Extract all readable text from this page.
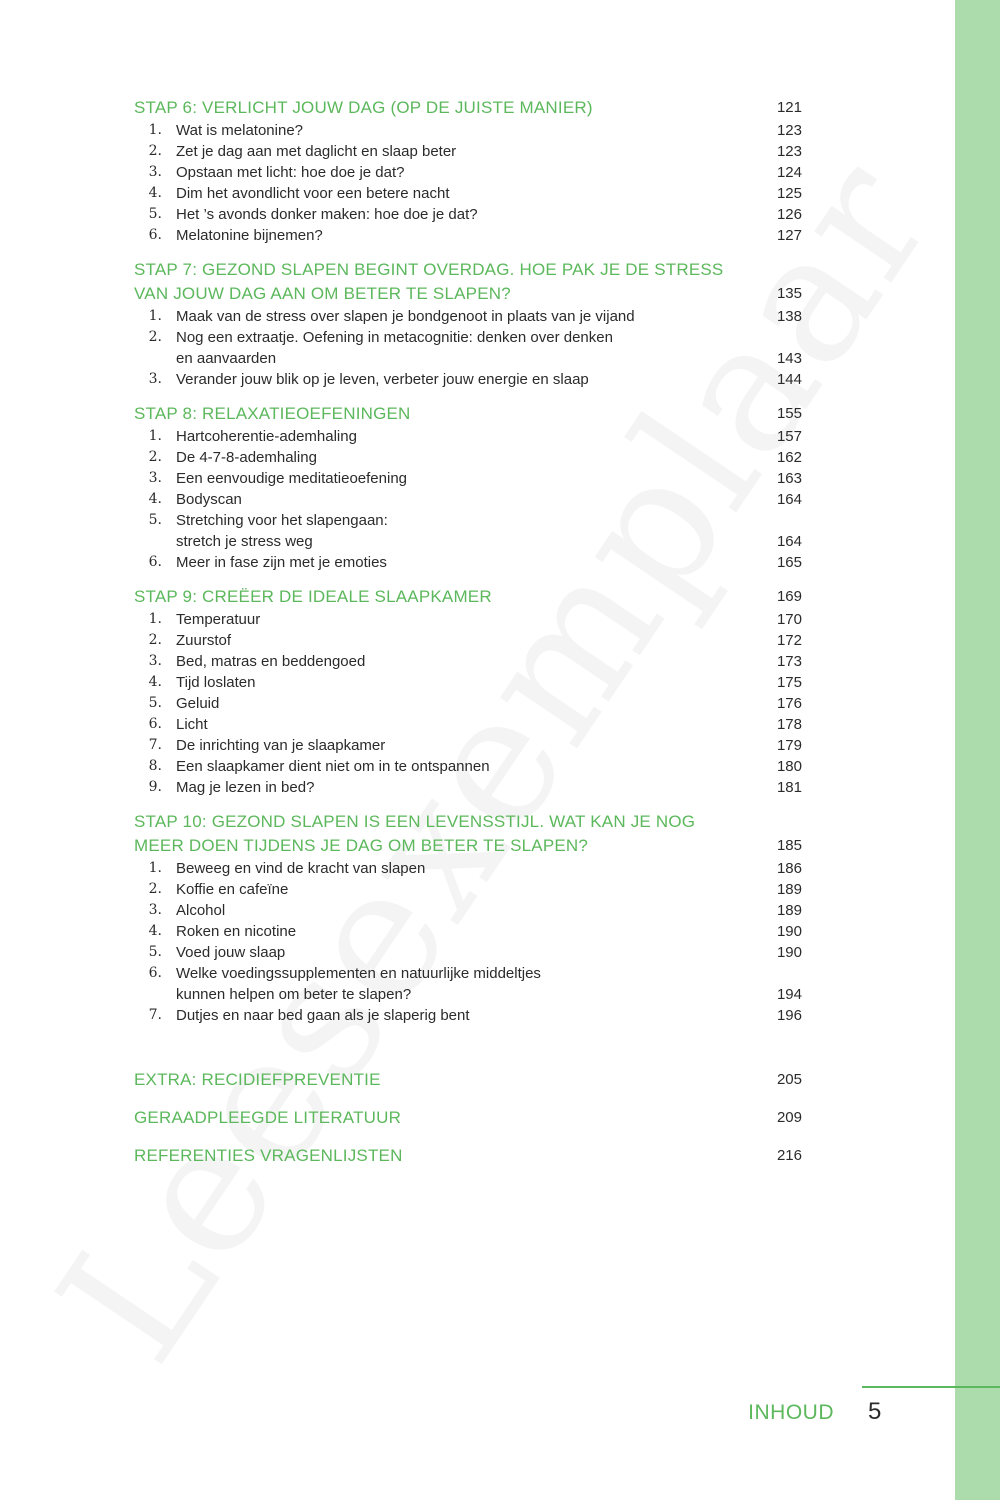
STAP 6: VERLICHT JOUW DAG (OP DE JUISTE MANIER)	121
1. Wat is melatonine?	123
2. Zet je dag aan met daglicht en slaap beter	123
3. Opstaan met licht: hoe doe je dat?	124
4. Dim het avondlicht voor een betere nacht	125
5. Het ’s avonds donker maken: hoe doe je dat?	126
6. Melatonine bijnemen?	127
STAP 7: GEZOND SLAPEN BEGINT OVERDAG. HOE PAK JE DE STRESS
VAN JOUW DAG AAN OM BETER TE SLAPEN?	135
1. Maak van de stress over slapen je bondgenoot in plaats van je vijand	138
2. Nog een extraatje. Oefening in metacognitie: denken over denken
en aanvaarden	143
3. Verander jouw blik op je leven, verbeter jouw energie en slaap	144
STAP 8: RELAXATIEOEFENINGEN	155
1. Hartcoherentie-ademhaling	157
2. De 4-7-8-ademhaling	162
3. Een eenvoudige meditatieoefening	163
4. Bodyscan	164
5. Stretching voor het slapengaan:
stretch je stress weg	164
6. Meer in fase zijn met je emoties	165
STAP 9: CREËER DE IDEALE SLAAPKAMER	169
1. Temperatuur	170
2. Zuurstof	172
3. Bed, matras en beddengoed	173
4. Tijd loslaten	175
5. Geluid	176
6. Licht	178
7. De inrichting van je slaapkamer	179
8. Een slaapkamer dient niet om in te ontspannen	180
9. Mag je lezen in bed?	181
STAP 10: GEZOND SLAPEN IS EEN LEVENSSTIJL. WAT KAN JE NOG
MEER DOEN TIJDENS JE DAG OM BETER TE SLAPEN?	185
1. Beweeg en vind de kracht van slapen	186
2. Koffie en cafeïne	189
3. Alcohol	189
4. Roken en nicotine	190
5. Voed jouw slaap	190
6. Welke voedingssupplementen en natuurlijke middeltjes
kunnen helpen om beter te slapen?	194
7. Dutjes en naar bed gaan als je slaperig bent	196
EXTRA: RECIDIEFPREVENTIE	205
GERAADPLEEGDE LITERATUUR	209
REFERENTIES VRAGENLIJSTEN	216
INHOUD 5
